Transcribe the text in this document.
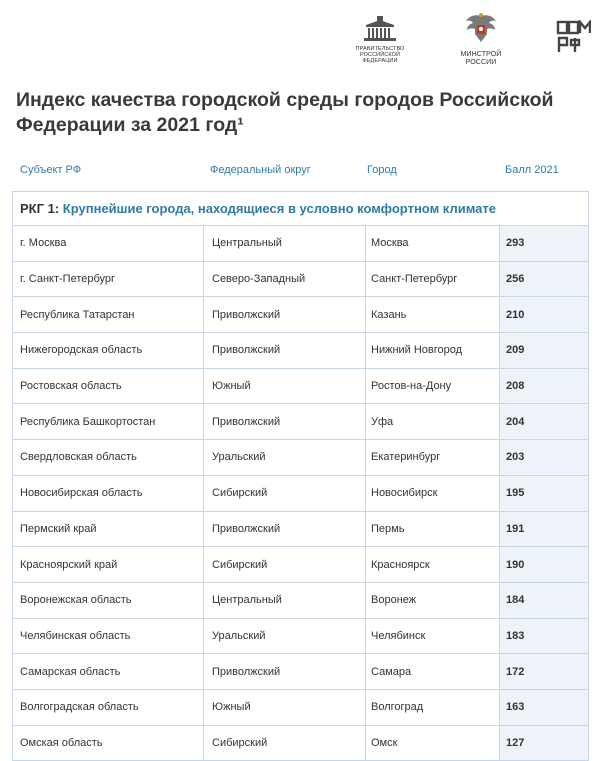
ПРАВИТЕЛЬСТВО
РОССИЙСКОЙ
ФЕДЕРАЦИИ
МИНСТРОЙ
РОССИИ
Индекс качества городской среды городов Российской Федерации за 2021 год¹
Субъект РФ	Федеральный округ	Город	Балл 2021
РКГ 1: Крупнейшие города, находящиеся в условно комфортном климате
г. Москва	Центральный	Москва	293
г. Санкт-Петербург	Северо-Западный	Санкт-Петербург	256
Республика Татарстан	Приволжский	Казань	210
Нижегородская область	Приволжский	Нижний Новгород	209
Ростовская область	Южный	Ростов-на-Дону	208
Республика Башкортостан	Приволжский	Уфа	204
Свердловская область	Уральский	Екатеринбург	203
Новосибирская область	Сибирский	Новосибирск	195
Пермский край	Приволжский	Пермь	191
Красноярский край	Сибирский	Красноярск	190
Воронежская область	Центральный	Воронеж	184
Челябинская область	Уральский	Челябинск	183
Самарская область	Приволжский	Самара	172
Волгоградская область	Южный	Волгоград	163
Омская область	Сибирский	Омск	127
